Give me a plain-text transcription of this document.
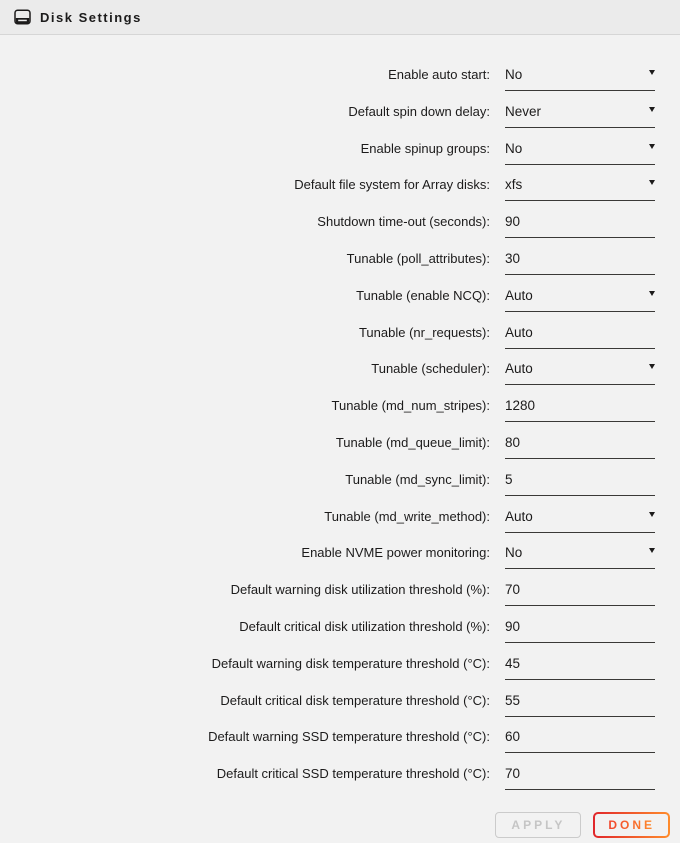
Disk Settings
Enable auto start:	No
Default spin down delay:	Never
Enable spinup groups:	No
Default file system for Array disks:	xfs
Shutdown time-out (seconds):	90
Tunable (poll_attributes):	30
Tunable (enable NCQ):	Auto
Tunable (nr_requests):	Auto
Tunable (scheduler):	Auto
Tunable (md_num_stripes):	1280
Tunable (md_queue_limit):	80
Tunable (md_sync_limit):	5
Tunable (md_write_method):	Auto
Enable NVME power monitoring:	No
Default warning disk utilization threshold (%):	70
Default critical disk utilization threshold (%):	90
Default warning disk temperature threshold (°C):	45
Default critical disk temperature threshold (°C):	55
Default warning SSD temperature threshold (°C):	60
Default critical SSD temperature threshold (°C):	70
APPLY	DONE
